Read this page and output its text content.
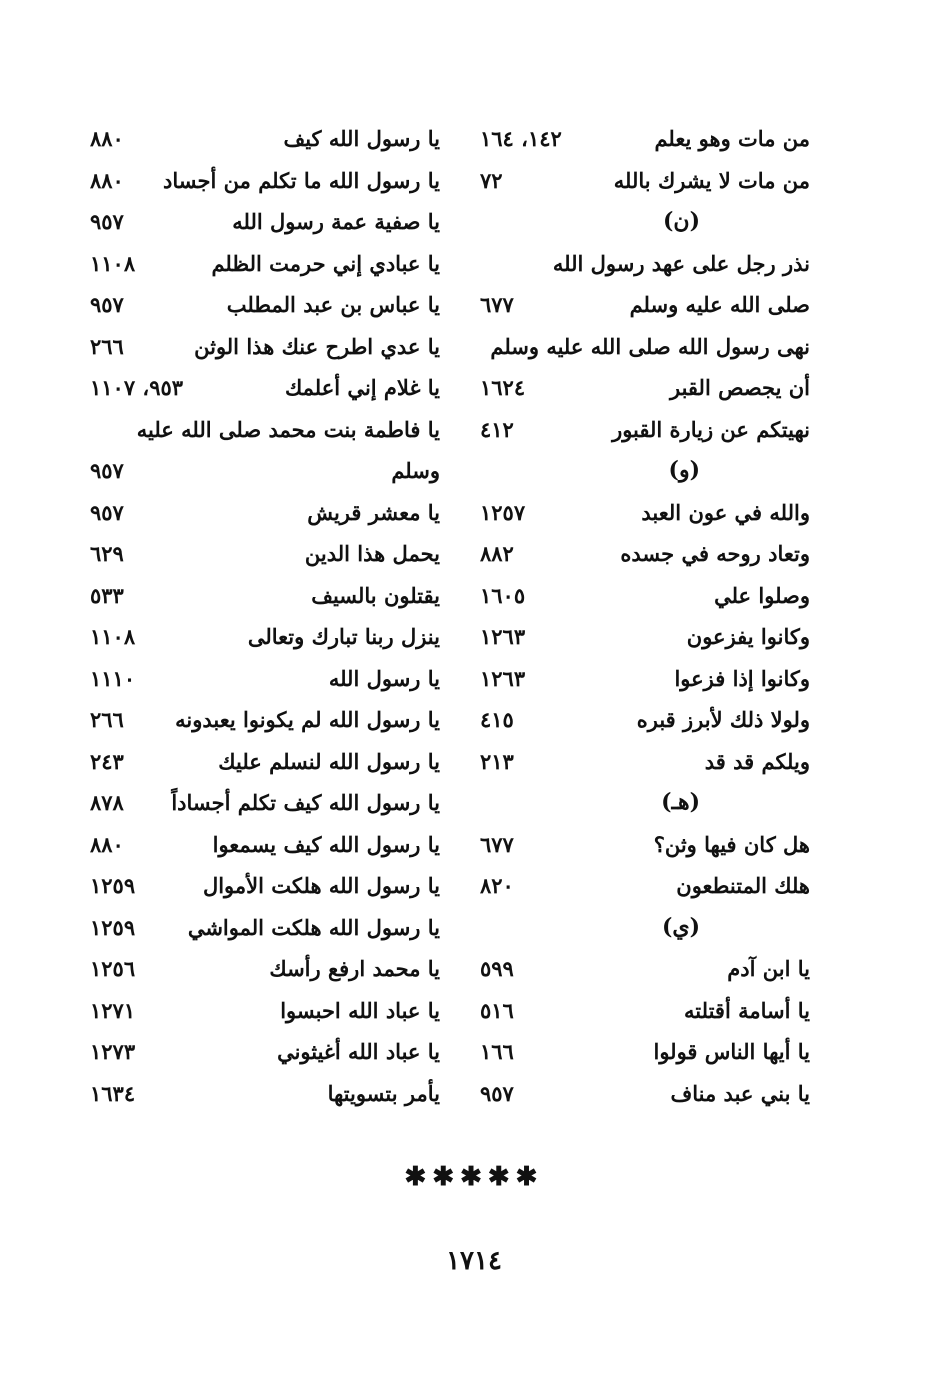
من مات وهو يعلم
١٤٢، ١٦٤
من مات لا يشرك بالله
٧٢
(ن)
نذر رجل على عهد رسول الله
صلى الله عليه وسلم
٦٧٧
نهى رسول الله صلى الله عليه وسلم
أن يجصص القبر
١٦٢٤
نهيتكم عن زيارة القبور
٤١٢
(و)
والله في عون العبد
١٢٥٧
وتعاد روحه في جسده
٨٨٢
وصلوا علي
١٦٠٥
وكانوا يفزعون
١٢٦٣
وكانوا إذا فزعوا
١٢٦٣
ولولا ذلك لأبرز قبره
٤١٥
ويلكم قد قد
٢١٣
(هـ)
هل كان فيها وثن؟
٦٧٧
هلك المتنطعون
٨٢٠
(ي)
يا ابن آدم
٥٩٩
يا أسامة أقتلته
٥١٦
يا أيها الناس قولوا
١٦٦
يا بني عبد مناف
٩٥٧
يا رسول الله كيف
٨٨٠
يا رسول الله ما تكلم من أجساد
٨٨٠
يا صفية عمة رسول الله
٩٥٧
يا عبادي إني حرمت الظلم
١١٠٨
يا عباس بن عبد المطلب
٩٥٧
يا عدي اطرح عنك هذا الوثن
٢٦٦
يا غلام إني أعلمك
٩٥٣، ١١٠٧
يا فاطمة بنت محمد صلى الله عليه
وسلم
٩٥٧
يا معشر قريش
٩٥٧
يحمل هذا الدين
٦٢٩
يقتلون بالسيف
٥٣٣
ينزل ربنا تبارك وتعالى
١١٠٨
يا رسول الله
١١١٠
يا رسول الله لم يكونوا يعبدونه
٢٦٦
يا رسول الله لنسلم عليك
٢٤٣
يا رسول الله كيف تكلم أجساداً
٨٧٨
يا رسول الله كيف يسمعوا
٨٨٠
يا رسول الله هلكت الأموال
١٢٥٩
يا رسول الله هلكت المواشي
١٢٥٩
يا محمد ارفع رأسك
١٢٥٦
يا عباد الله احبسوا
١٢٧١
يا عباد الله أغيثوني
١٢٧٣
يأمر بتسويتها
١٦٣٤
✱✱✱✱✱
١٧١٤
